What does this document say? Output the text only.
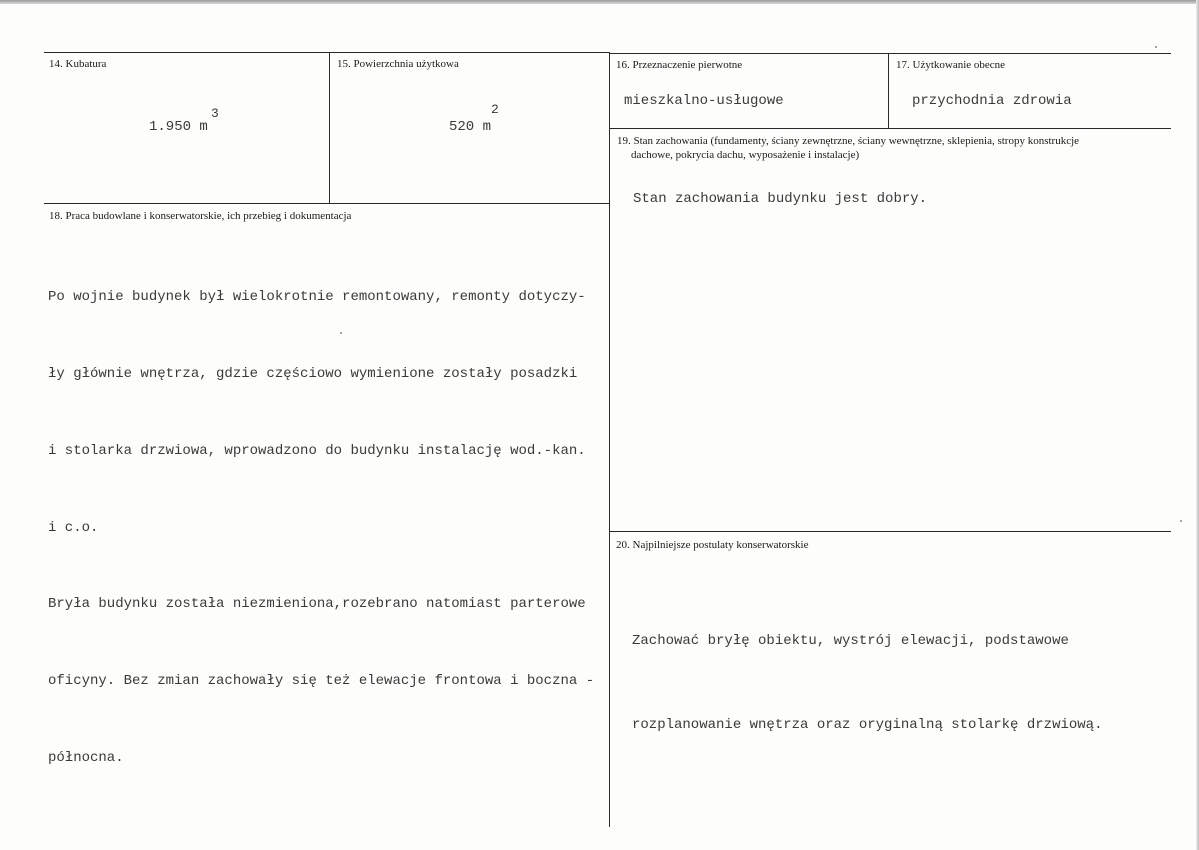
14. Kubatura
1.950 m
3
15. Powierzchnia użytkowa
520 m
2
16. Przeznaczenie pierwotne
mieszkalno-usługowe
17. Użytkowanie obecne
przychodnia zdrowia
19. Stan zachowania (fundamenty, ściany zewnętrzne, ściany wewnętrzne, sklepienia, stropy konstrukcje dachowe, pokrycia dachu, wyposażenie i instalacje)
Stan zachowania budynku jest dobry.
18. Praca budowlane i konserwatorskie, ich przebieg i dokumentacja

Po wojnie budynek był wielokrotnie remontowany, remonty dotyczy-

ły głównie wnętrza, gdzie częściowo wymienione zostały posadzki

i stolarka drzwiowa, wprowadzono do budynku instalację wod.-kan.

i c.o.

Bryła budynku została niezmieniona,rozebrano natomiast parterowe

oficyny. Bez zmian zachowały się też elewacje frontowa i boczna -

północna.

20. Najpilniejsze postulaty konserwatorskie

Zachować bryłę obiektu, wystrój elewacji, podstawowe

rozplanowanie wnętrza oraz oryginalną stolarkę drzwiową.
